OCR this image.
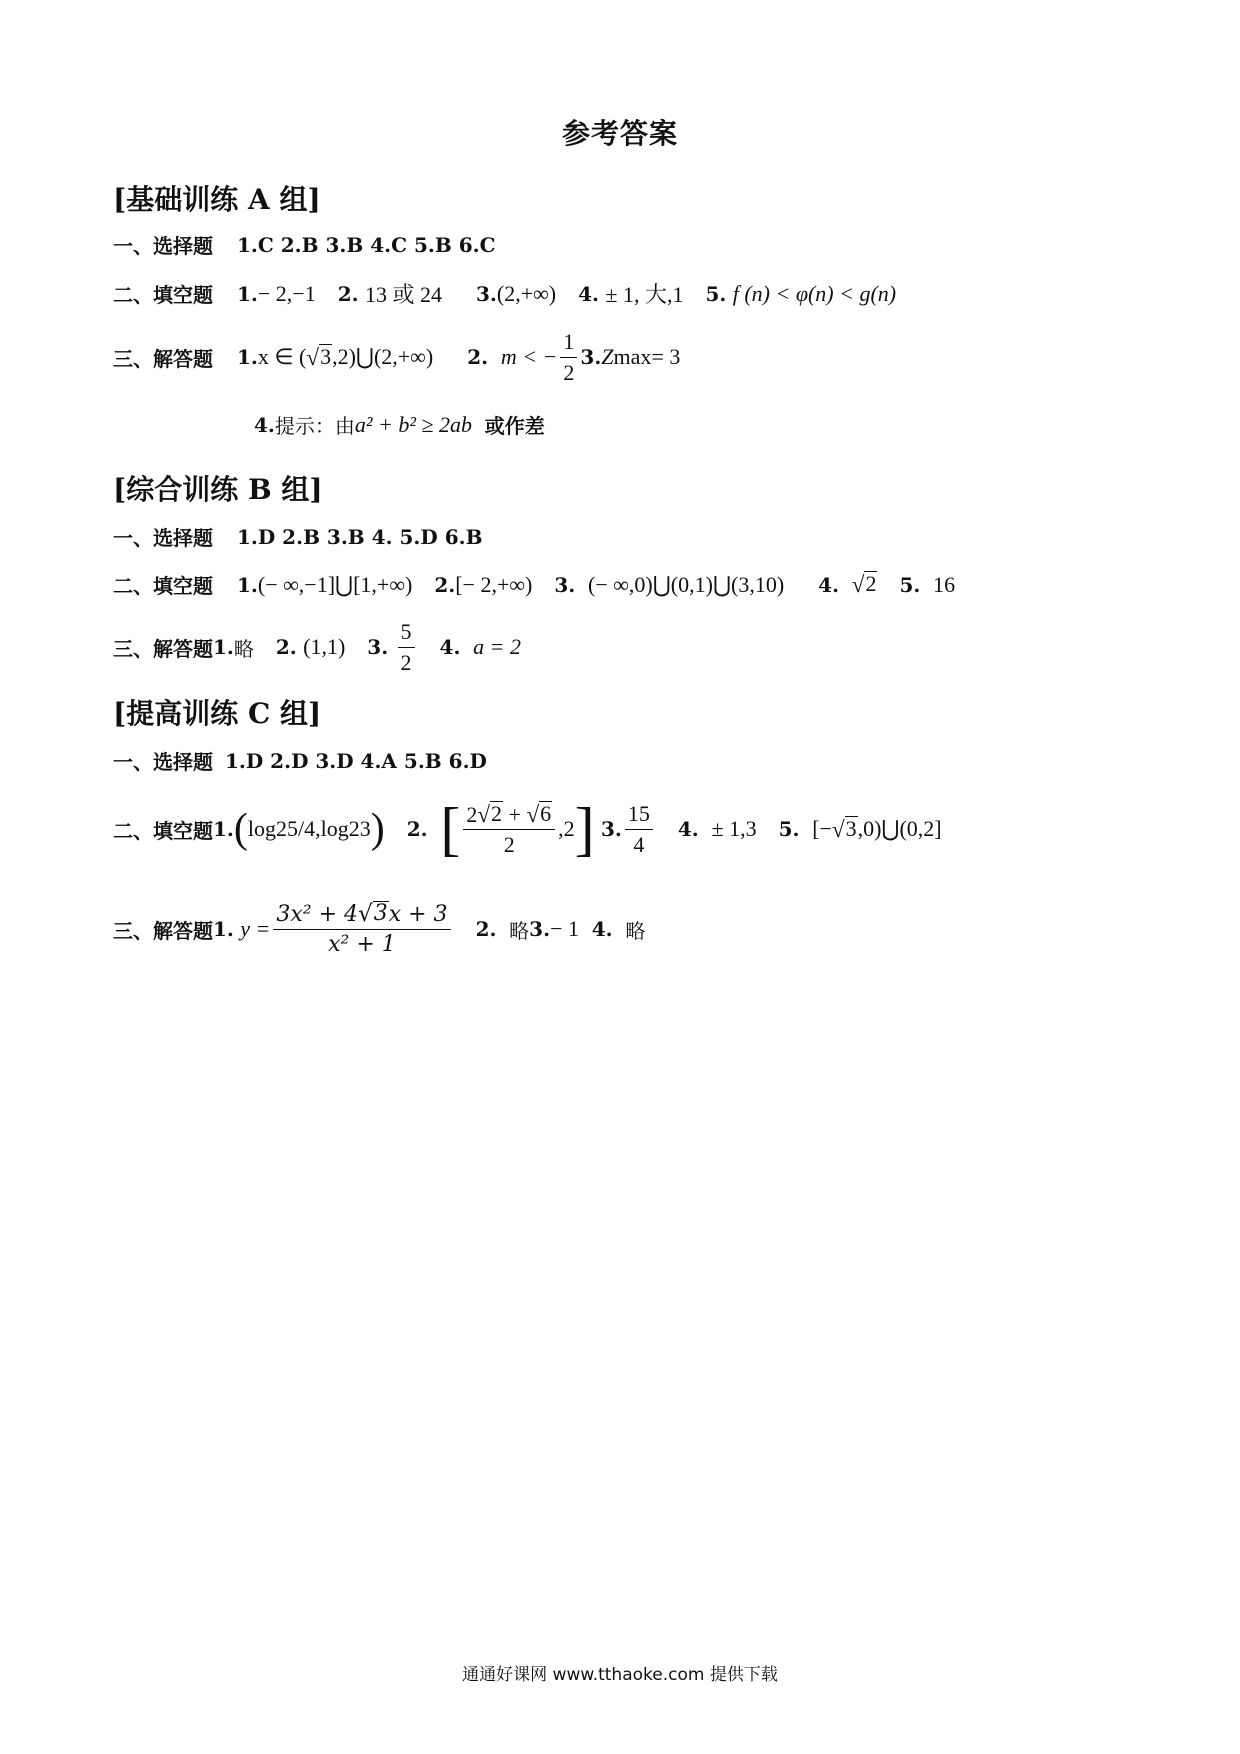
参考答案
[基础训练 A 组]
一、选择题 1.C 2.B 3.B 4.C 5.B 6.C
二、填空题 1. − 2,−1 2.
13 或 24 3. (2,+∞) 4.
± 1, 大,1 5.
f (n) < φ(n) < g(n)
三、解答题 1. x ∈ ( √ 3 ,2)⋃(2,+∞) 2.
m < − $\frac{1}{2} 3$. Z max = 3
4. 提示：由 a² + b² ≥ 2ab
或作差
[综合训练 B 组]
一、选择题 1.D 2.B 3.B 4. 5.D 6.B
二、填空题 1. (− ∞,−1]⋃[1,+∞) 2. [− 2,+∞) 3.
(− ∞,0)⋃(0,1)⋃(3,10) 4.
√ 2 5.
16
三、解答题 1. 略 2.
(1,1) 3.
$\frac{5}{2} 4$.
a = 2
[提高训练 C 组]
一、选择题 1.D 2.D 3.D 4.A 5.B 6.D
二、填空题 1. ( log 2 5/4 ,log 2 3 ) 2.
[ $\frac{2 √ 2 + √ 6}{2} ,2$ ]
3. $\frac{15}{4} 4$.
± 1,3 5.
[− √ 3 ,0)⋃(0,2]
三、解答题 1.
$y = \frac{\text{3x² + 4 √ 3 x + 3}}{\text{x² + 1}} 2$.
略 3. − 1
4.
略
通通好课网 www.tthaoke.com 提供下载
